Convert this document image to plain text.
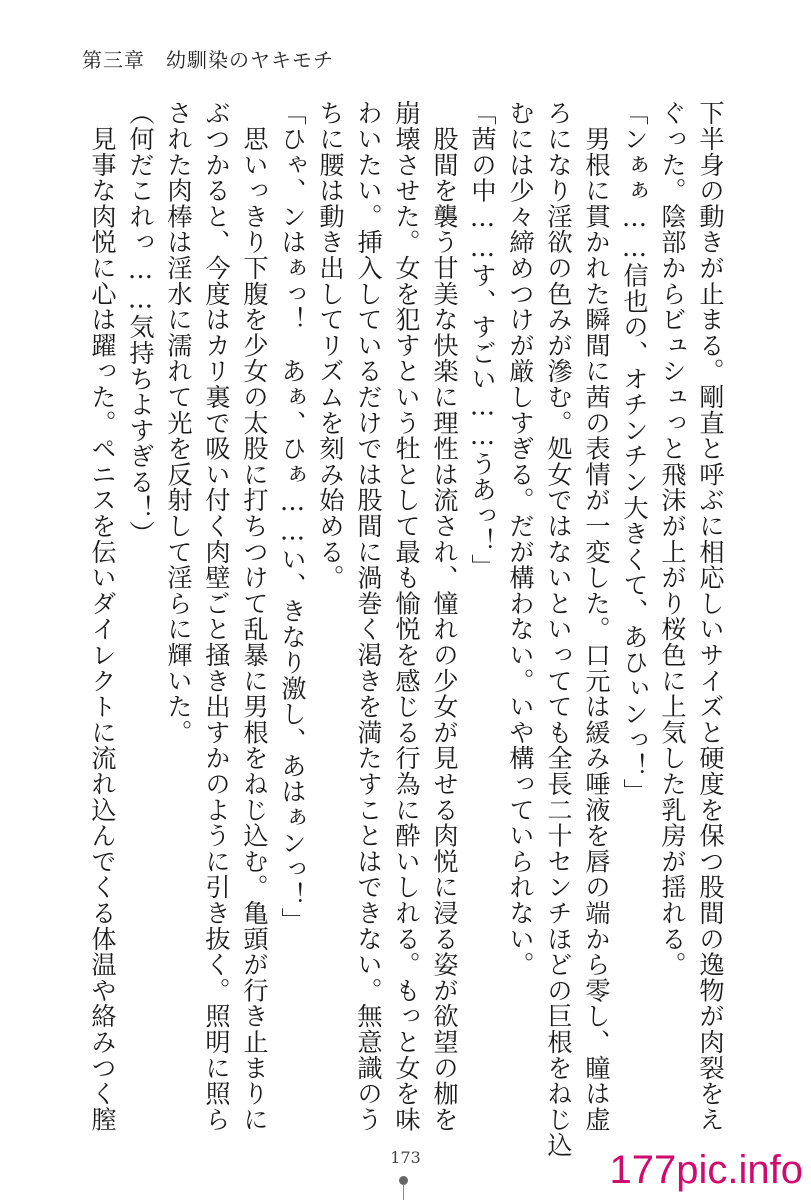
第三章　幼馴染のヤキモチ
下半身の動きが止まる。剛直と呼ぶに相応しいサイズと硬度を保つ股間の逸物が肉裂をえ
ぐった。陰部からビュシュっと飛沫が上がり桜色に上気した乳房が揺れる。
「ンぁぁ……信也の、オチンチン大きくて、あひぃンっ！」
　男根に貫かれた瞬間に茜の表情が一変した。口元は緩み唾液を唇の端から零し、瞳は虚
ろになり淫欲の色みが滲む。処女ではないといってても全長二十センチほどの巨根をねじ込
むには少々締めつけが厳しすぎる。だが構わない。いや構っていられない。
「茜の中……す、すごい……うあっ！」
　股間を襲う甘美な快楽に理性は流され、憧れの少女が見せる肉悦に浸る姿が欲望の枷を
崩壊させた。女を犯すという牡として最も愉悦を感じる行為に酔いしれる。もっと女を味
わいたい。挿入しているだけでは股間に渦巻く渇きを満たすことはできない。無意識のう
ちに腰は動き出してリズムを刻み始める。
「ひゃ、ンはぁっ！　あぁ、ひぁ……い、きなり激し、あはぁンっ！」
　思いっきり下腹を少女の太股に打ちつけて乱暴に男根をねじ込む。亀頭が行き止まりに
ぶつかると、今度はカリ裏で吸い付く肉壁ごと掻き出すかのように引き抜く。照明に照ら
された肉棒は淫水に濡れて光を反射して淫らに輝いた。
（何だこれっ……気持ちよすぎる！）
　見事な肉悦に心は躍った。ペニスを伝いダイレクトに流れ込んでくる体温や絡みつく膣
173	177pic.info
